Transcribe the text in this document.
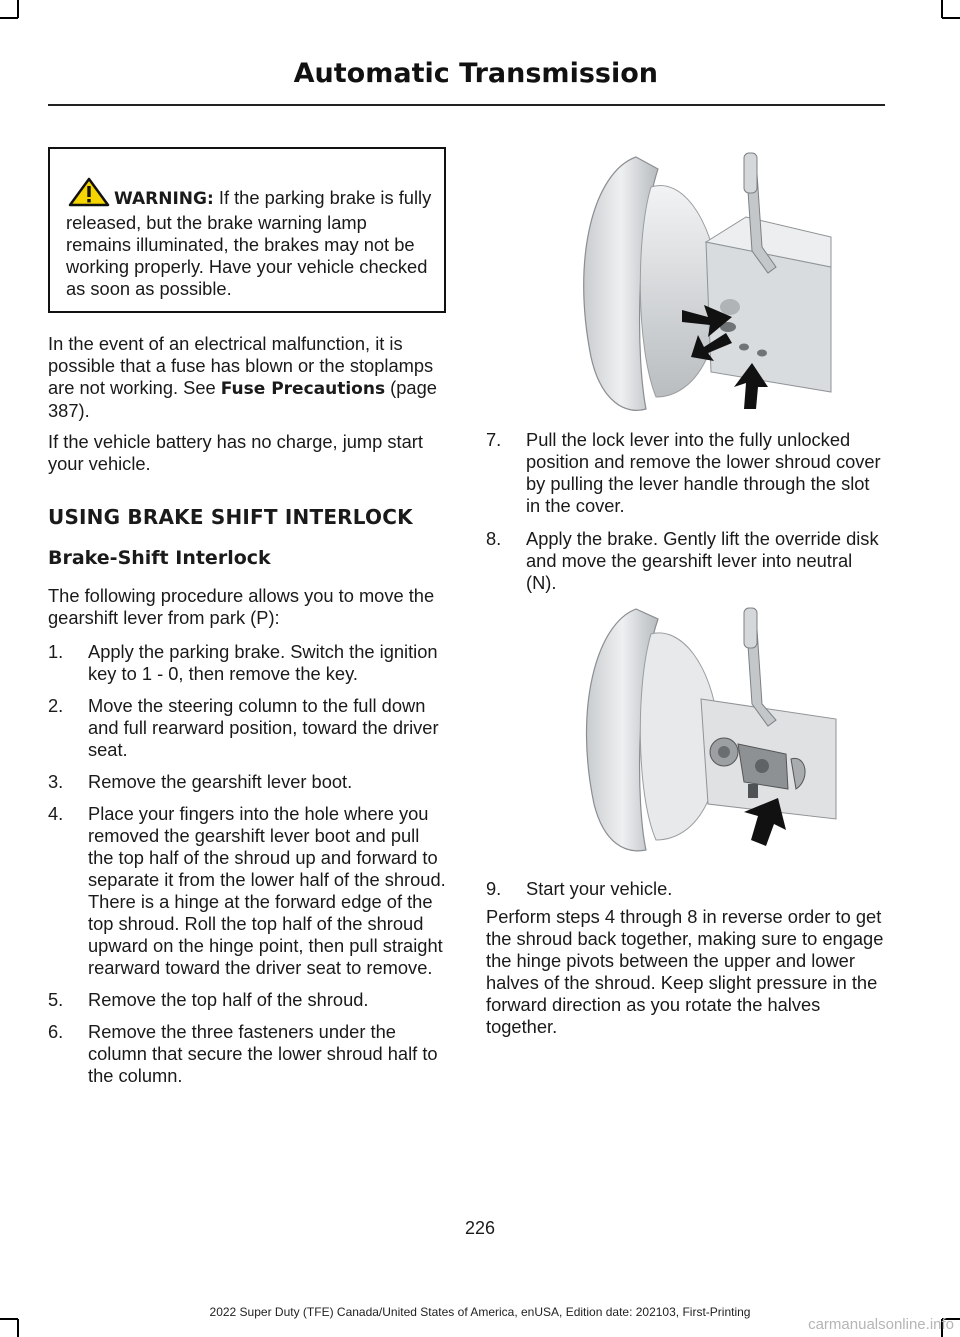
Automatic Transmission
WARNING: If the parking brake is fully released, but the brake warning lamp remains illuminated, the brakes may not be working properly. Have your vehicle checked as soon as possible.

In the event of an electrical malfunction, it is possible that a fuse has blown or the stoplamps are not working. See Fuse Precautions (page 387).

If the vehicle battery has no charge, jump start your vehicle.

USING BRAKE SHIFT INTERLOCK
Brake-Shift Interlock

The following procedure allows you to move the gearshift lever from park (P):

1. Apply the parking brake. Switch the ignition key to 1 - 0, then remove the key.
2. Move the steering column to the full down and full rearward position, toward the driver seat.
3. Remove the gearshift lever boot.
4. Place your fingers into the hole where you removed the gearshift lever boot and pull the top half of the shroud up and forward to separate it from the lower half of the shroud. There is a hinge at the forward edge of the top shroud. Roll the top half of the shroud upward on the hinge point, then pull straight rearward toward the driver seat to remove.
5. Remove the top half of the shroud.
6. Remove the three fasteners under the column that secure the lower shroud half to the column.
7. Pull the lock lever into the fully unlocked position and remove the lower shroud cover by pulling the lever handle through the slot in the cover.
8. Apply the brake. Gently lift the override disk and move the gearshift lever into neutral (N).
9. Start your vehicle.

Perform steps 4 through 8 in reverse order to get the shroud back together, making sure to engage the hinge pivots between the upper and lower halves of the shroud. Keep slight pressure in the forward direction as you rotate the halves together.

226
2022 Super Duty (TFE) Canada/United States of America, enUSA, Edition date: 202103, First-Printing
carmanualsonline.info
